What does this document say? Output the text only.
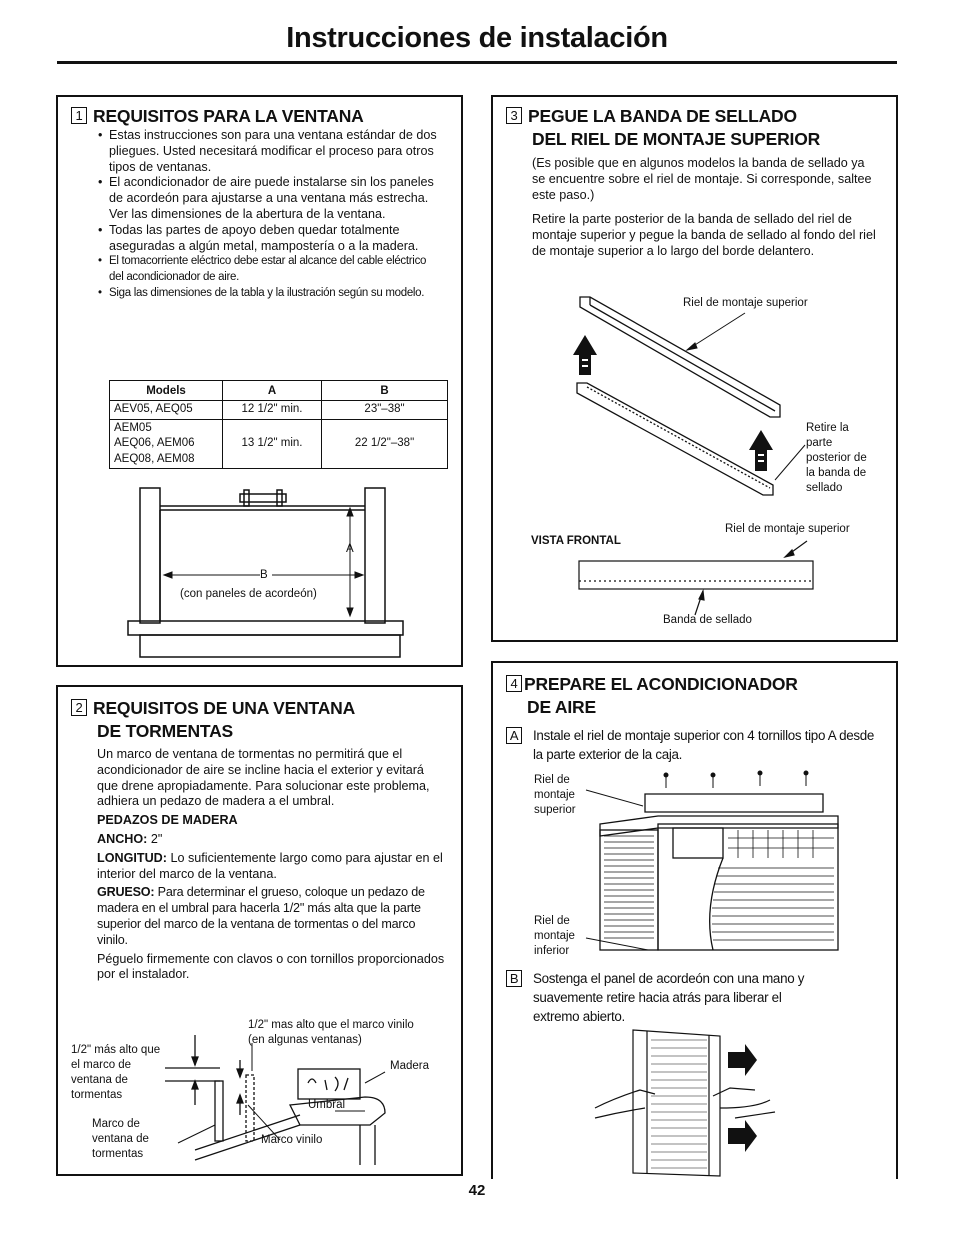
Instrucciones de instalación
1 REQUISITOS PARA LA VENTANA
• Estas instrucciones son para una ventana estándar de dos pliegues. Usted necesitará modificar el proceso para otros tipos de ventanas.
• El acondicionador de aire puede instalarse sin los paneles de acordeón para ajustarse a una ventana más estrecha. Ver las dimensiones de la abertura de la ventana.
• Todas las partes de apoyo deben quedar totalmente aseguradas a algún metal, mampostería o a la madera.
• El tomacorriente eléctrico debe estar al alcance del cable eléctrico del acondicionador de aire.
• Siga las dimensiones de la tabla y la ilustración según su modelo.
Models	A	B
AEV05, AEQ05	12 1/2" min.	23"–38"
AEM05
AEQ06, AEM06
AEQ08, AEM08	13 1/2" min.	22 1/2"–38"
A
B
(con paneles de acordeón)
2 REQUISITOS DE UNA VENTANA
DE TORMENTAS

Un marco de ventana de tormentas no permitirá que el acondicionador de aire se incline hacia el exterior y evitará que drene apropiadamente. Para solucionar este problema, adhiera un pedazo de madera a el umbral.

PEDAZOS DE MADERA

ANCHO: 2"

LONGITUD: Lo suficientemente largo como para ajustar en el interior del marco de la ventana.

GRUESO: Para determinar el grueso, coloque un pedazo de madera en el umbral para hacerla 1/2" más alta que la parte superior del marco de la ventana de tormentas o del marco vinilo.

Péguelo firmemente con clavos o con tornillos proporcionados por el instalador.

1/2" más alto que el marco de ventana de tormentas
1/2" mas alto que el marco vinilo (en algunas ventanas)
Madera
Umbral
Marco de ventana de tormentas
Marco vinilo
3 PEGUE LA BANDA DE SELLADO
DEL RIEL DE MONTAJE SUPERIOR

(Es posible que en algunos modelos la banda de sellado ya se encuentre sobre el riel de montaje. Si corresponde, saltee este paso.)

Retire la parte posterior de la banda de sellado del riel de montaje superior y pegue la banda de sellado al fondo del riel de montaje superior a lo largo del borde delantero.

Riel de montaje superior
Retire la parte posterior de la banda de sellado
Riel de montaje superior
VISTA FRONTAL
Banda de sellado
4 PREPARE EL ACONDICIONADOR
DE AIRE
A	Instale el riel de montaje superior con 4 tornillos tipo A desde la parte exterior de la caja.

Riel de montaje superior
Riel de montaje inferior
B	Sostenga el panel de acordeón con una mano y suavemente retire hacia atrás para liberar el extremo abierto.

42
